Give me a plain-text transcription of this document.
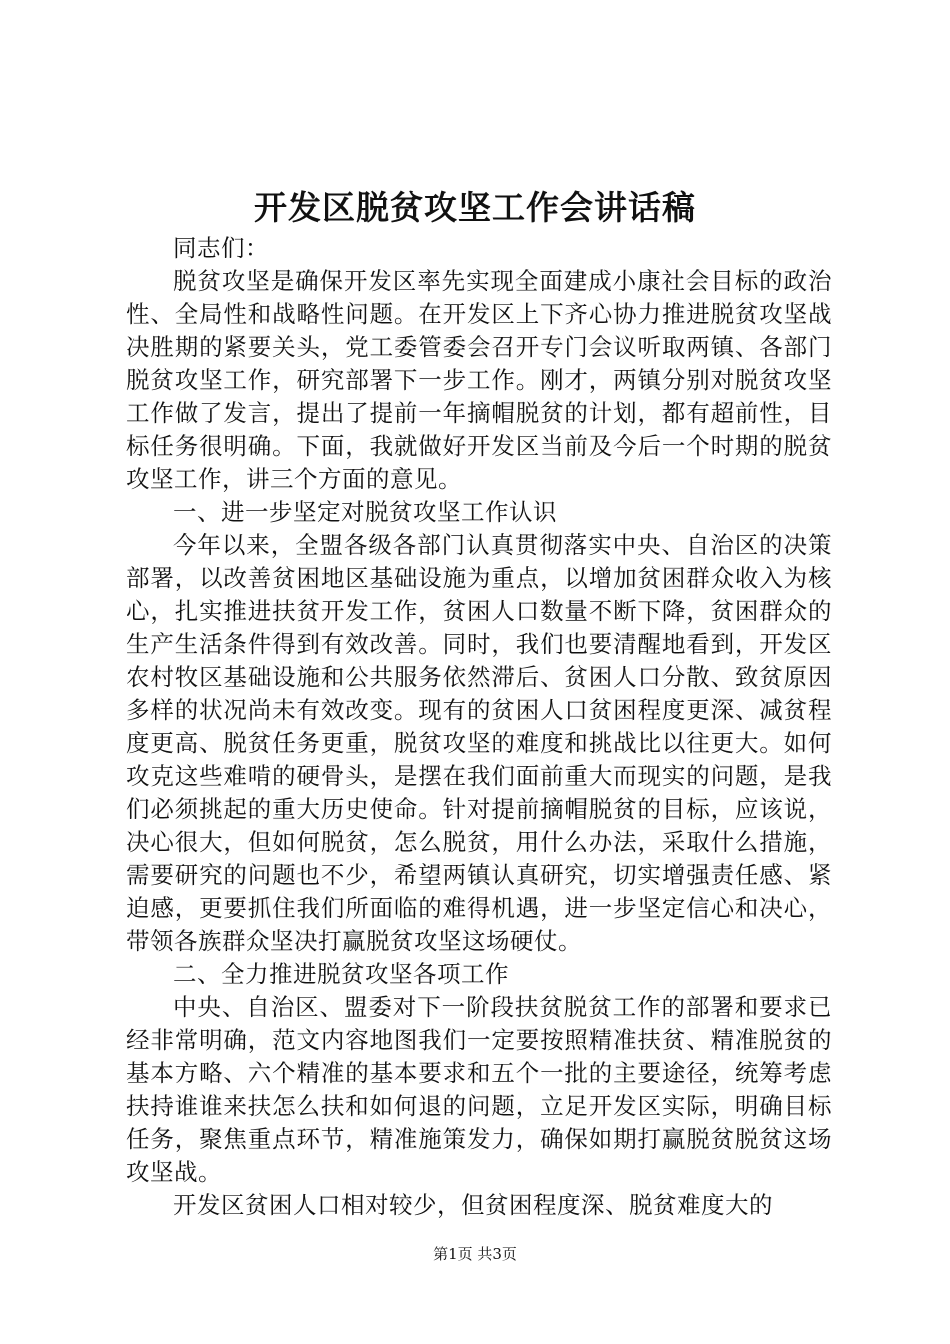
开发区脱贫攻坚工作会讲话稿

同志们：

脱贫攻坚是确保开发区率先实现全面建成小康社会目标的政治性、全局性和战略性问题。在开发区上下齐心协力推进脱贫攻坚战决胜期的紧要关头，党工委管委会召开专门会议听取两镇、各部门脱贫攻坚工作，研究部署下一步工作。刚才，两镇分别对脱贫攻坚工作做了发言，提出了提前一年摘帽脱贫的计划，都有超前性，目标任务很明确。下面，我就做好开发区当前及今后一个时期的脱贫攻坚工作，讲三个方面的意见。

一、进一步坚定对脱贫攻坚工作认识

今年以来，全盟各级各部门认真贯彻落实中央、自治区的决策部署，以改善贫困地区基础设施为重点，以增加贫困群众收入为核心，扎实推进扶贫开发工作，贫困人口数量不断下降，贫困群众的生产生活条件得到有效改善。同时，我们也要清醒地看到，开发区农村牧区基础设施和公共服务依然滞后、贫困人口分散、致贫原因多样的状况尚未有效改变。现有的贫困人口贫困程度更深、减贫程度更高、脱贫任务更重，脱贫攻坚的难度和挑战比以往更大。如何攻克这些难啃的硬骨头，是摆在我们面前重大而现实的问题，是我们必须挑起的重大历史使命。针对提前摘帽脱贫的目标，应该说，决心很大，但如何脱贫，怎么脱贫，用什么办法，采取什么措施，需要研究的问题也不少，希望两镇认真研究，切实增强责任感、紧迫感，更要抓住我们所面临的难得机遇，进一步坚定信心和决心，带领各族群众坚决打赢脱贫攻坚这场硬仗。

二、全力推进脱贫攻坚各项工作

中央、自治区、盟委对下一阶段扶贫脱贫工作的部署和要求已经非常明确，范文内容地图我们一定要按照精准扶贫、精准脱贫的基本方略、六个精准的基本要求和五个一批的主要途径，统筹考虑扶持谁谁来扶怎么扶和如何退的问题，立足开发区实际，明确目标任务，聚焦重点环节，精准施策发力，确保如期打赢脱贫脱贫这场攻坚战。

开发区贫困人口相对较少，但贫困程度深、脱贫难度大的

第1页 共3页
